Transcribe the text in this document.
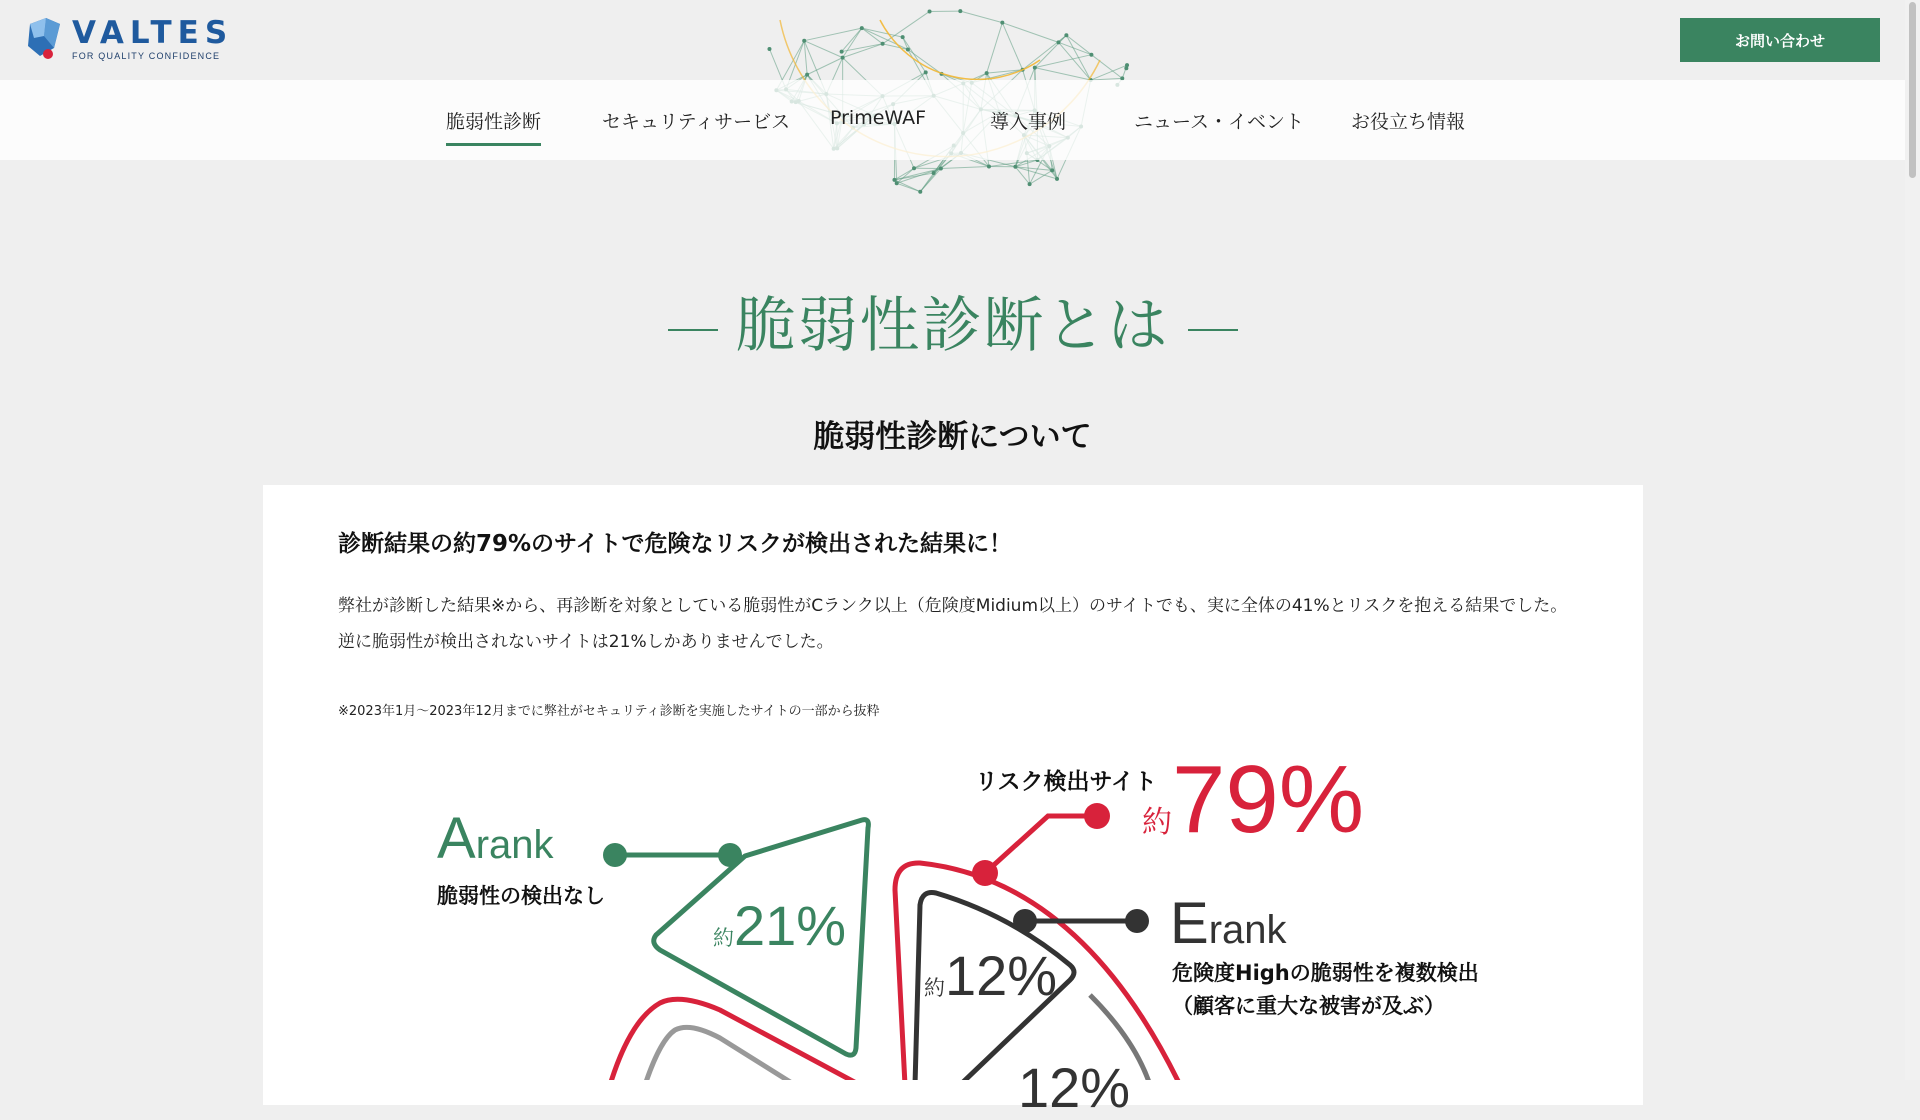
VALTES
FOR QUALITY CONFIDENCE
お問い合わせ
脆弱性診断	セキュリティサービス PrimeWAF	導入事例	ニュース・イベント お役立ち情報
脆弱性診断とは
脆弱性診断について
診断結果の約79%のサイトで危険なリスクが検出された結果に！
弊社が診断した結果※から、再診断を対象としている脆弱性がCランク以上（危険度Midium以上）のサイトでも、実に全体の41%とリスクを抱える結果でした。逆に脆弱性が検出されないサイトは21%しかありませんでした。
※2023年1月〜2023年12月までに弊社がセキュリティ診断を実施したサイトの一部から抜粋
リスク検出サイト
約79%
Arank
脆弱性の検出なし
約21%	Erank
危険度Highの脆弱性を複数検出
（顧客に重大な被害が及ぶ）
約12%
12%
